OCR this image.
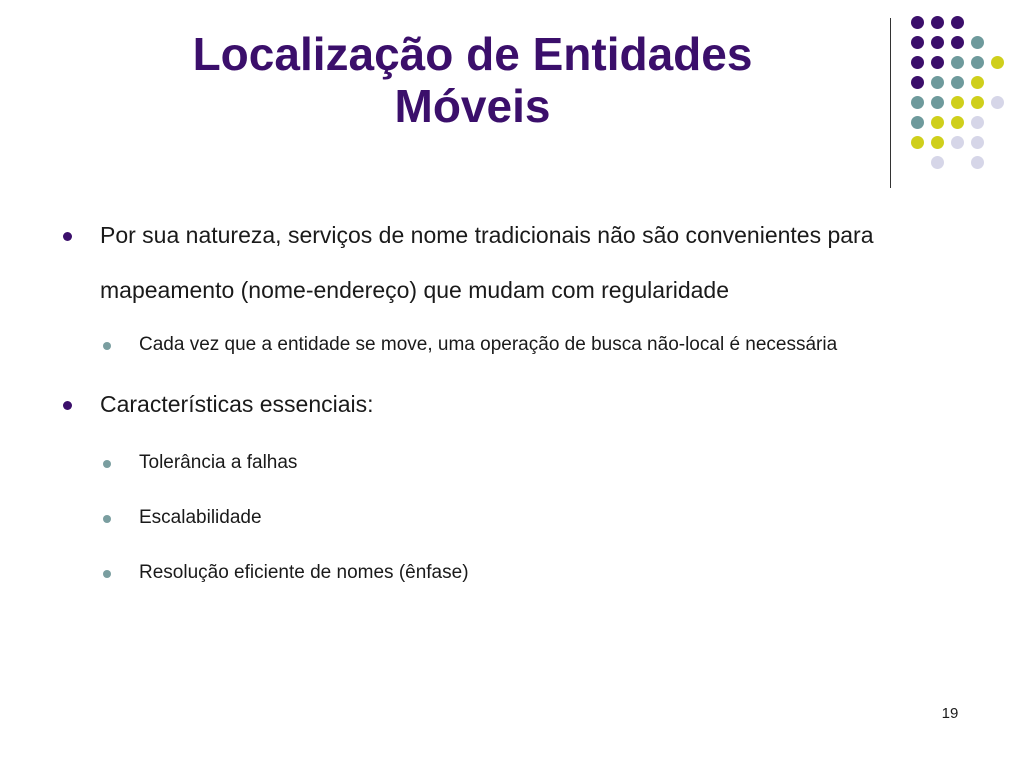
Localização de Entidades
Móveis
Por sua natureza, serviços de nome tradicionais não são convenientes para mapeamento (nome-endereço) que mudam com regularidade
Cada vez que a entidade se move, uma operação de busca não-local é necessária
Características essenciais:
Tolerância a falhas
Escalabilidade
Resolução eficiente de nomes (ênfase)
19
